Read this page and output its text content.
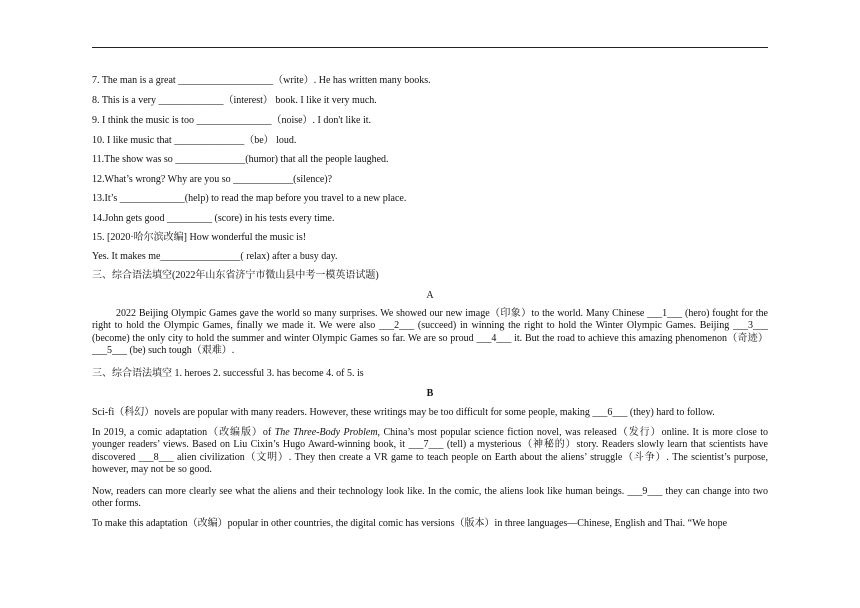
7. The man is a great ___________________（write）. He has written many books.
8. This is a very _____________（interest） book. I like it very much.
9. I think the music is too _______________（noise）. I don't like it.
10. I like music that ______________（be） loud.
11.The show was so ______________(humor) that all the people laughed.
12.What’s wrong? Why are you so ____________(silence)?
13.It’s _____________(help) to read the map before you travel to a new place.
14.John gets good _________ (score) in his tests every time.
15. [2020·哈尔滨改编] How wonderful the music is!
Yes. It makes me________________( relax) after a busy day.
三、综合语法填空(2022年山东省济宁市微山县中考一模英语试题)
A
2022 Beijing Olympic Games gave the world so many surprises. We showed our new image（印象）to the world. Many Chinese ___1___ (hero) fought for the right to hold the Olympic Games, finally we made it. We were also ___2___ (succeed) in winning the right to hold the Winter Olympic Games. Beijing ___3___ (become) the only city to hold the summer and winter Olympic Games so far. We are so proud ___4___ it. But the road to achieve this amazing phenomenon（奇迹）___5___ (be) such tough（艰难）.
三、综合语法填空 1. heroes 2. successful 3. has become 4. of 5. is
B
Sci-fi（科幻）novels are popular with many readers. However, these writings may be too difficult for some people, making ___6___ (they) hard to follow.
In 2019, a comic adaptation（改编版）of The Three-Body Problem, China’s most popular science fiction novel, was released（发行）online. It is more close to younger readers’ views. Based on Liu Cixin’s Hugo Award-winning book, it ___7___ (tell) a mysterious（神秘的）story. Readers slowly learn that scientists have discovered ___8___ alien civilization（文明）. They then create a VR game to teach people on Earth about the aliens’ struggle（斗争）. The scientist’s purpose, however, may not be so good.
Now, readers can more clearly see what the aliens and their technology look like. In the comic, the aliens look like human beings. ___9___ they can change into two other forms.
To make this adaptation（改编）popular in other countries, the digital comic has versions（版本）in three languages—Chinese, English and Thai. “We hope
